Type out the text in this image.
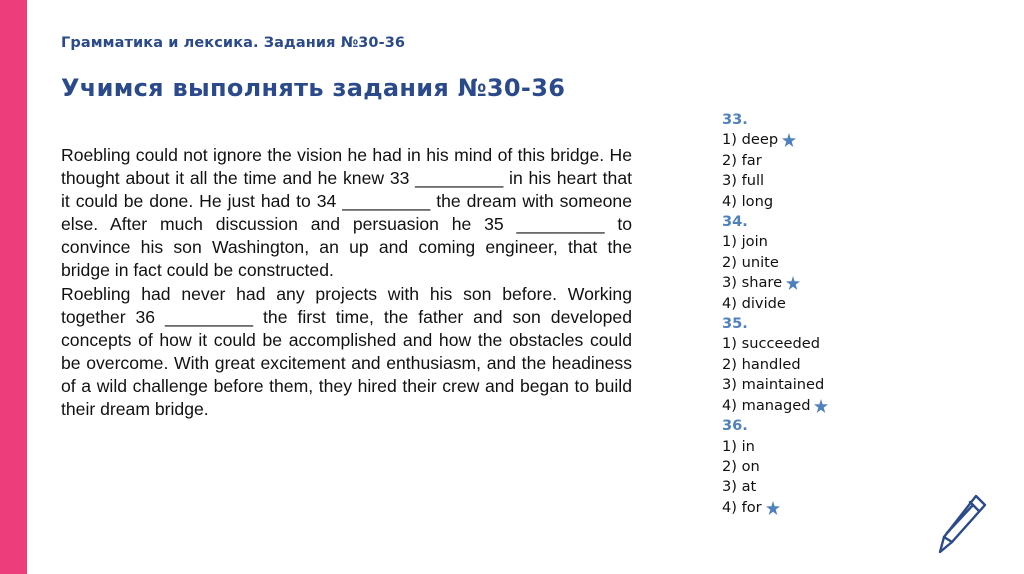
Грамматика и лексика. Задания №30-36
Учимся выполнять задания №30-36

Roebling could not ignore the vision he had in his mind of this bridge. He thought about it all the time and he knew 33 _________ in his heart that it could be done. He just had to 34 _________ the dream with someone else. After much discussion and persuasion he 35 _________ to convince his son Washington, an up and coming engineer, that the bridge in fact could be constructed.

Roebling had never had any projects with his son before. Working together 36 _________ the first time, the father and son developed concepts of how it could be accomplished and how the obstacles could be overcome. With great excitement and enthusiasm, and the headiness of a wild challenge before them, they hired their crew and began to build their dream bridge.

33.
1) deep
2) far
3) full
4) long
34.
1) join
2) unite
3) share
4) divide
35.
1) succeeded
2) handled
3) maintained
4) managed
36.
1) in
2) on
3) at
4) for
